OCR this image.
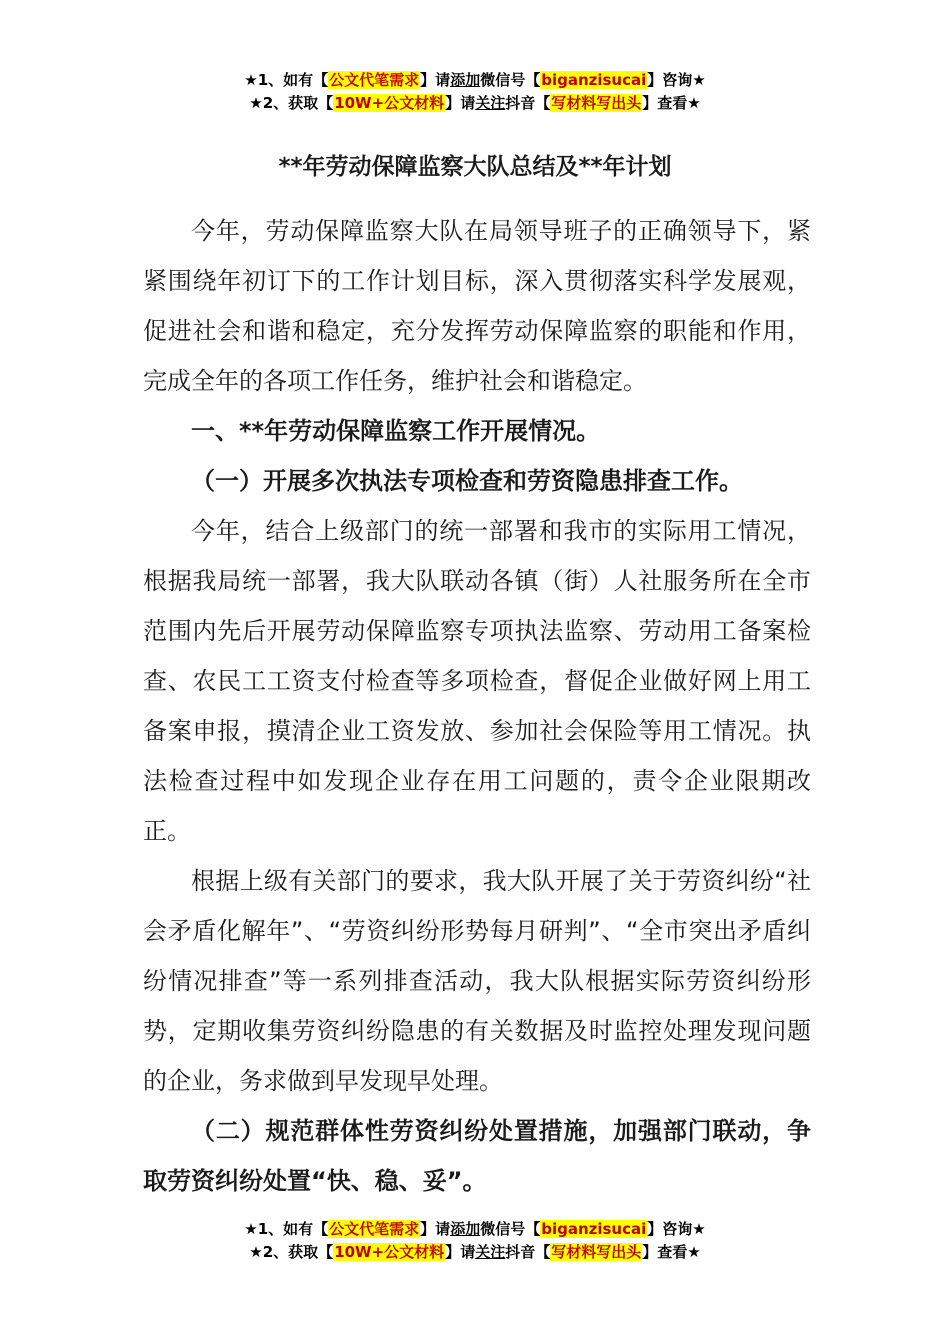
★1、如有【公文代笔需求】请添加微信号【biganzisucai】咨询★
★2、获取【10W+公文材料】请关注抖音【写材料写出头】查看★
**年劳动保障监察大队总结及**年计划

今年，劳动保障监察大队在局领导班子的正确领导下，紧紧围绕年初订下的工作计划目标，深入贯彻落实科学发展观，促进社会和谐和稳定，充分发挥劳动保障监察的职能和作用，完成全年的各项工作任务，维护社会和谐稳定。

一、**年劳动保障监察工作开展情况。

（一）开展多次执法专项检查和劳资隐患排查工作。

今年，结合上级部门的统一部署和我市的实际用工情况，根据我局统一部署，我大队联动各镇（街）人社服务所在全市范围内先后开展劳动保障监察专项执法监察、劳动用工备案检查、农民工工资支付检查等多项检查，督促企业做好网上用工备案申报，摸清企业工资发放、参加社会保险等用工情况。执法检查过程中如发现企业存在用工问题的，责令企业限期改正。

根据上级有关部门的要求，我大队开展了关于劳资纠纷“社会矛盾化解年”、“劳资纠纷形势每月研判”、“全市突出矛盾纠纷情况排查”等一系列排查活动，我大队根据实际劳资纠纷形势，定期收集劳资纠纷隐患的有关数据及时监控处理发现问题的企业，务求做到早发现早处理。

（二）规范群体性劳资纠纷处置措施，加强部门联动，争取劳资纠纷处置“快、稳、妥”。

★1、如有【公文代笔需求】请添加微信号【biganzisucai】咨询★
★2、获取【10W+公文材料】请关注抖音【写材料写出头】查看★
